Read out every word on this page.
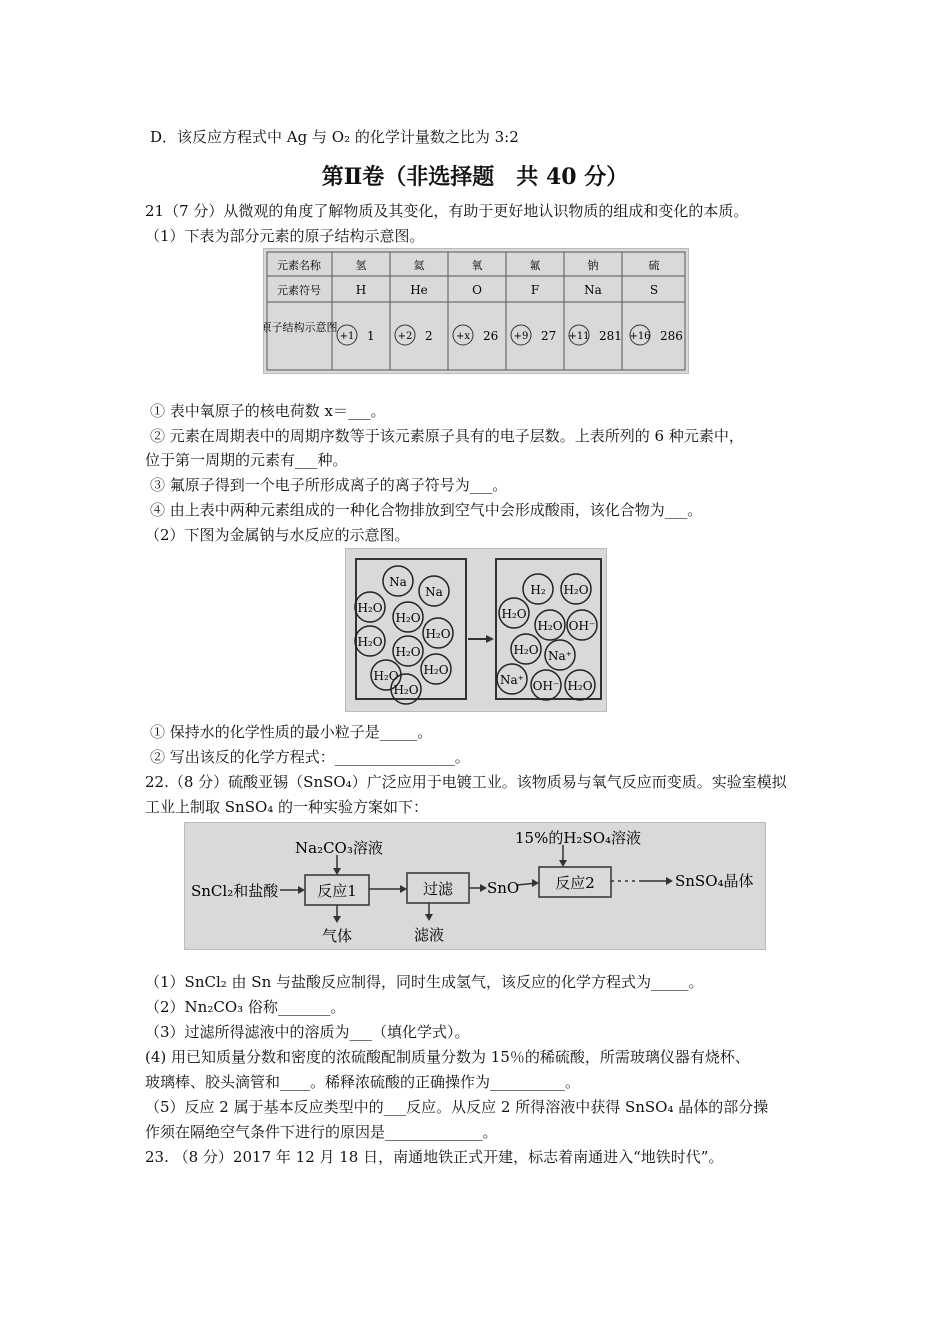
D．该反应方程式中 Ag 与 O₂ 的化学计量数之比为 3:2
第Ⅱ卷（非选择题　共 40 分）
21（7 分）从微观的角度了解物质及其变化，有助于更好地认识物质的组成和变化的本质。
（1）下表为部分元素的原子结构示意图。
元素名称
元素符号
原子结构示意图
氢
H
+1 1
氦
He
+2 2
氧
O
+x 26
氟
F
+9 27
钠
Na
+11 281
硫
S
+16 286
① 表中氧原子的核电荷数 x＝___。
② 元素在周期表中的周期序数等于该元素原子具有的电子层数。上表所列的 6 种元素中，
位于第一周期的元素有___种。
③ 氟原子得到一个电子所形成离子的离子符号为___。
④ 由上表中两种元素组成的一种化合物排放到空气中会形成酸雨，该化合物为___。
（2）下图为金属钠与水反应的示意图。
Na
Na
H₂O
H₂O
H₂O
H₂O
H₂O
H₂O H₂O
H₂O
H₂ H₂O
H₂O
H₂O OH⁻
H₂O Na⁺
Na⁺ OH⁻ H₂O
① 保持水的化学性质的最小粒子是_____。
② 写出该反的化学方程式：________________。
22.（8 分）硫酸亚锡（SnSO₄）广泛应用于电镀工业。该物质易与氧气反应而变质。实验室模拟
工业上制取 SnSO₄ 的一种实验方案如下：
SnCl₂和盐酸
Na₂CO₃溶液
反应1
气体
过滤
滤液
SnO
15%的H₂SO₄溶液
反应2	SnSO₄晶体
（1）SnCl₂ 由 Sn 与盐酸反应制得，同时生成氢气，该反应的化学方程式为_____。
（2）Nn₂CO₃ 俗称_______。
（3）过滤所得滤液中的溶质为___（填化学式）。
(4) 用已知质量分数和密度的浓硫酸配制质量分数为 15％的稀硫酸，所需玻璃仪器有烧杯、
玻璃棒、胶头滴管和____。稀释浓硫酸的正确操作为__________。
（5）反应 2 属于基本反应类型中的___反应。从反应 2 所得溶液中获得 SnSO₄ 晶体的部分操
作须在隔绝空气条件下进行的原因是_____________。
23. （8 分）2017 年 12 月 18 日，南通地铁正式开建，标志着南通进入“地铁时代”。
